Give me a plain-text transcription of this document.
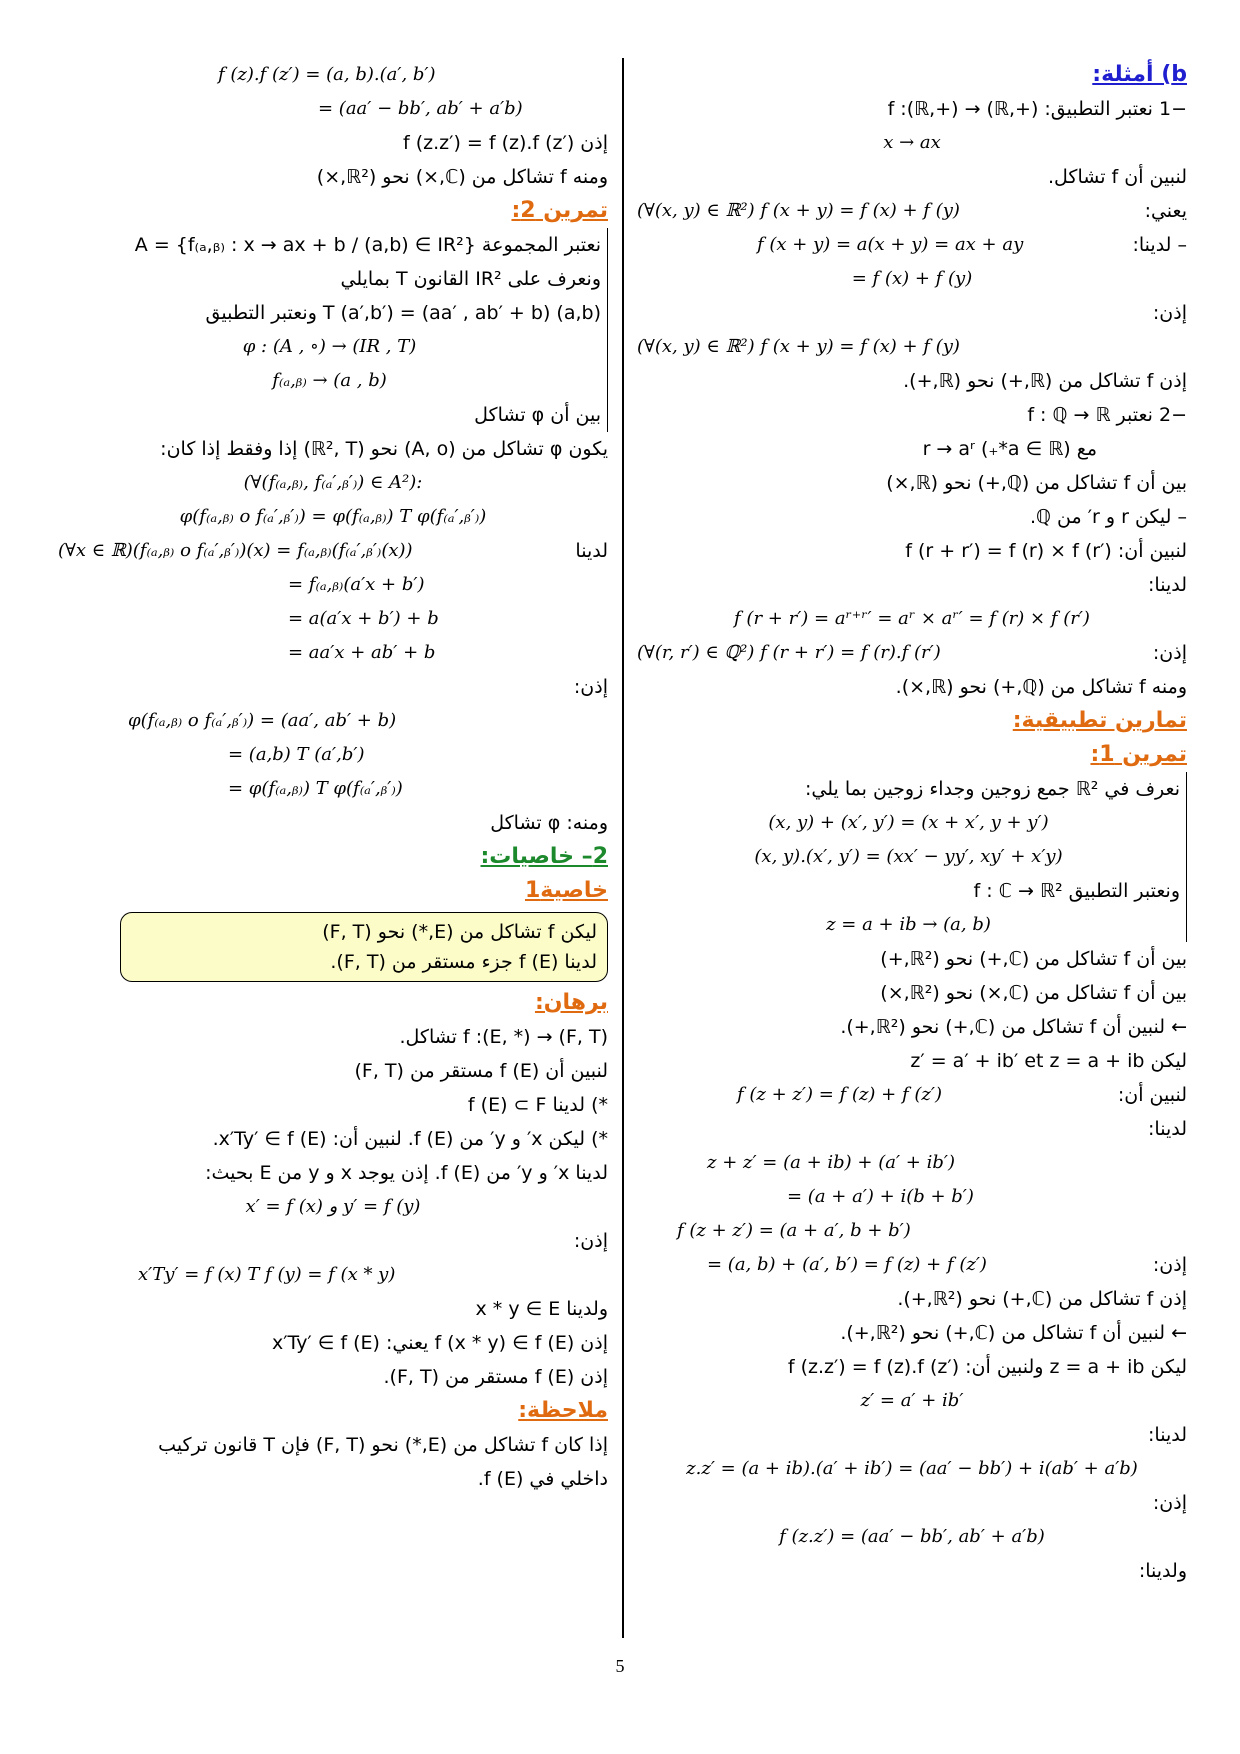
b) أمثلة:
−1 نعتبر التطبيق: f :(ℝ,+) → (ℝ,+)
x → ax
لنبين أن f تشاكل.
يعني:
(∀(x, y) ∈ ℝ²) f (x + y) = f (x) + f (y)
– لدينا:
f (x + y) = a(x + y) = ax + ay
= f (x) + f (y)
إذن:
(∀(x, y) ∈ ℝ²) f (x + y) = f (x) + f (y)
إذن f تشاكل من (ℝ,+) نحو (ℝ,+).
−2 نعتبر f : ℚ → ℝ
مع (a ∈ ℝ*₊) r → aʳ
بين أن f تشاكل من (ℚ,+) نحو (ℝ,×)
– ليكن r و r′ من ℚ.
لنبين أن: f (r + r′) = f (r) × f (r′)
لدينا:
f (r + r′) = aʳ⁺ʳ′ = aʳ × aʳ′ = f (r) × f (r′)
إذن:
(∀(r, r′) ∈ ℚ²) f (r + r′) = f (r).f (r′)
ومنه f تشاكل من (ℚ,+) نحو (ℝ,×).
تمارين تطبيقية:
تمرين 1:
نعرف في ℝ² جمع زوجين وجداء زوجين بما يلي:
(x, y) + (x′, y′) = (x + x′, y + y′)
(x, y).(x′, y′) = (xx′ − yy′, xy′ + x′y)
ونعتبر التطبيق f : ℂ → ℝ²
z = a + ib → (a, b)
بين أن f تشاكل من (ℂ,+) نحو (ℝ²,+)
بين أن f تشاكل من (ℂ,×) نحو (ℝ²,×)
← لنبين أن f تشاكل من (ℂ,+) نحو (ℝ²,+).
ليكن z′ = a′ + ib′ et z = a + ib
لنبين أن:
f (z + z′) = f (z) + f (z′)
لدينا:
z + z′ = (a + ib) + (a′ + ib′)
= (a + a′) + i(b + b′)
f (z + z′) = (a + a′, b + b′)
إذن:
= (a, b) + (a′, b′) = f (z) + f (z′)
إذن f تشاكل من (ℂ,+) نحو (ℝ²,+).
← لنبين أن f تشاكل من (ℂ,+) نحو (ℝ²,+).
ليكن z = a + ib ولنبين أن: f (z.z′) = f (z).f (z′)
z′ = a′ + ib′
لدينا:
z.z′ = (a + ib).(a′ + ib′) = (aa′ − bb′) + i(ab′ + a′b)
إذن:
f (z.z′) = (aa′ − bb′, ab′ + a′b)
ولدينا:
f (z).f (z′) = (a, b).(a′, b′)
= (aa′ − bb′, ab′ + a′b)
إذن f (z.z′) = f (z).f (z′)
ومنه f تشاكل من (ℂ,×) نحو (ℝ²,×)
تمرين 2:
نعتبر المجموعة A = {f₍ₐ,ᵦ₎ : x → ax + b / (a,b) ∈ IR²}
ونعرف على IR² القانون T بمايلي
(a,b) T (a′,b′) = (aa′ , ab′ + b) ونعتبر التطبيق
φ : (A , ∘) → (IR , T)
f₍ₐ,ᵦ₎ → (a , b)
بين أن φ تشاكل
يكون φ تشاكل من (A, o) نحو (ℝ², T) إذا وفقط إذا كان:
(∀(f₍ₐ,ᵦ₎, f₍ₐ′,ᵦ′₎) ∈ A²):
φ(f₍ₐ,ᵦ₎ o f₍ₐ′,ᵦ′₎) = φ(f₍ₐ,ᵦ₎) T φ(f₍ₐ′,ᵦ′₎)
لدينا
(∀x ∈ ℝ)(f₍ₐ,ᵦ₎ o f₍ₐ′,ᵦ′₎)(x) = f₍ₐ,ᵦ₎(f₍ₐ′,ᵦ′₎(x))
= f₍ₐ,ᵦ₎(a′x + b′)
= a(a′x + b′) + b
= aa′x + ab′ + b
إذن:
φ(f₍ₐ,ᵦ₎ o f₍ₐ′,ᵦ′₎) = (aa′, ab′ + b)
= (a,b) T (a′,b′)
= φ(f₍ₐ,ᵦ₎) T φ(f₍ₐ′,ᵦ′₎)
ومنه: φ تشاكل
2– خاصيات:
خاصية1
ليكن f تشاكل من (E,*) نحو (F, T)
لدينا f (E) جزء مستقر من (F, T).
برهان:
f :(E, *) → (F, T) تشاكل.
لنبين أن f (E) مستقر من (F, T)
*) لدينا f (E) ⊂ F
*) ليكن x′ و y′ من f (E). لنبين أن: x′Ty′ ∈ f (E).
لدينا x′ و y′ من f (E). إذن يوجد x و y من E بحيث:
x′ = f (x) و y′ = f (y)
إذن:
x′Ty′ = f (x) T f (y) = f (x * y)
ولدينا x * y ∈ E
إذن f (x * y) ∈ f (E) يعني: x′Ty′ ∈ f (E)
إذن f (E) مستقر من (F, T).
ملاحظة:
إذا كان f تشاكل من (E,*) نحو (F, T) فإن T قانون تركيب
داخلي في f (E).
5
